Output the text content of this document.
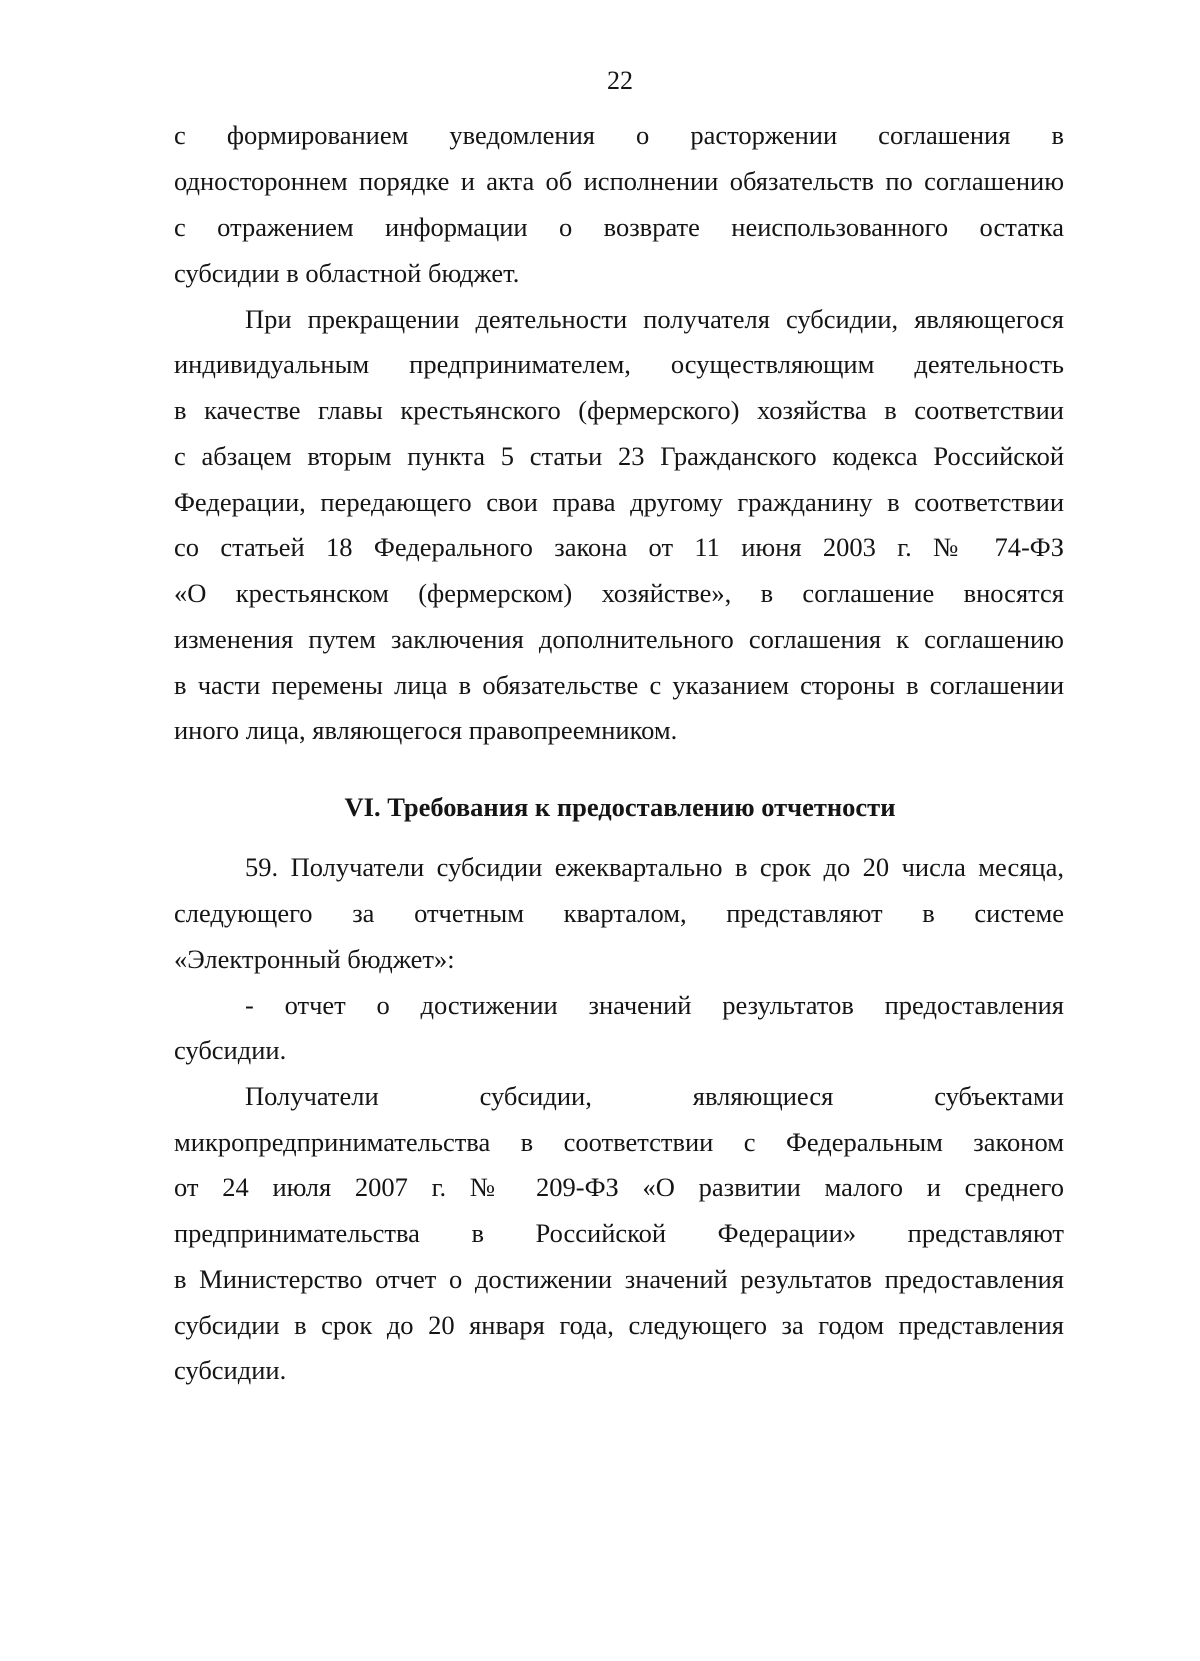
22
с формированием уведомления о расторжении соглашения в
одностороннем порядке и акта об исполнении обязательств по соглашению
с отражением информации о возврате неиспользованного остатка
субсидии в областной бюджет.
При прекращении деятельности получателя субсидии, являющегося
индивидуальным предпринимателем, осуществляющим деятельность
в качестве главы крестьянского (фермерского) хозяйства в соответствии
с абзацем вторым пункта 5 статьи 23 Гражданского кодекса Российской
Федерации, передающего свои права другому гражданину в соответствии
со статьей 18 Федерального закона от 11 июня 2003 г. № 74-ФЗ
«О крестьянском (фермерском) хозяйстве», в соглашение вносятся
изменения путем заключения дополнительного соглашения к соглашению
в части перемены лица в обязательстве с указанием стороны в соглашении
иного лица, являющегося правопреемником.
VI. Требования к предоставлению отчетности
59. Получатели субсидии ежеквартально в срок до 20 числа месяца,
следующего за отчетным кварталом, представляют в системе
«Электронный бюджет»:
- отчет о достижении значений результатов предоставления
субсидии.
Получатели субсидии, являющиеся субъектами
микропредпринимательства в соответствии с Федеральным законом
от 24 июля 2007 г. № 209-ФЗ «О развитии малого и среднего
предпринимательства в Российской Федерации» представляют
в Министерство отчет о достижении значений результатов предоставления
субсидии в срок до 20 января года, следующего за годом представления
субсидии.
